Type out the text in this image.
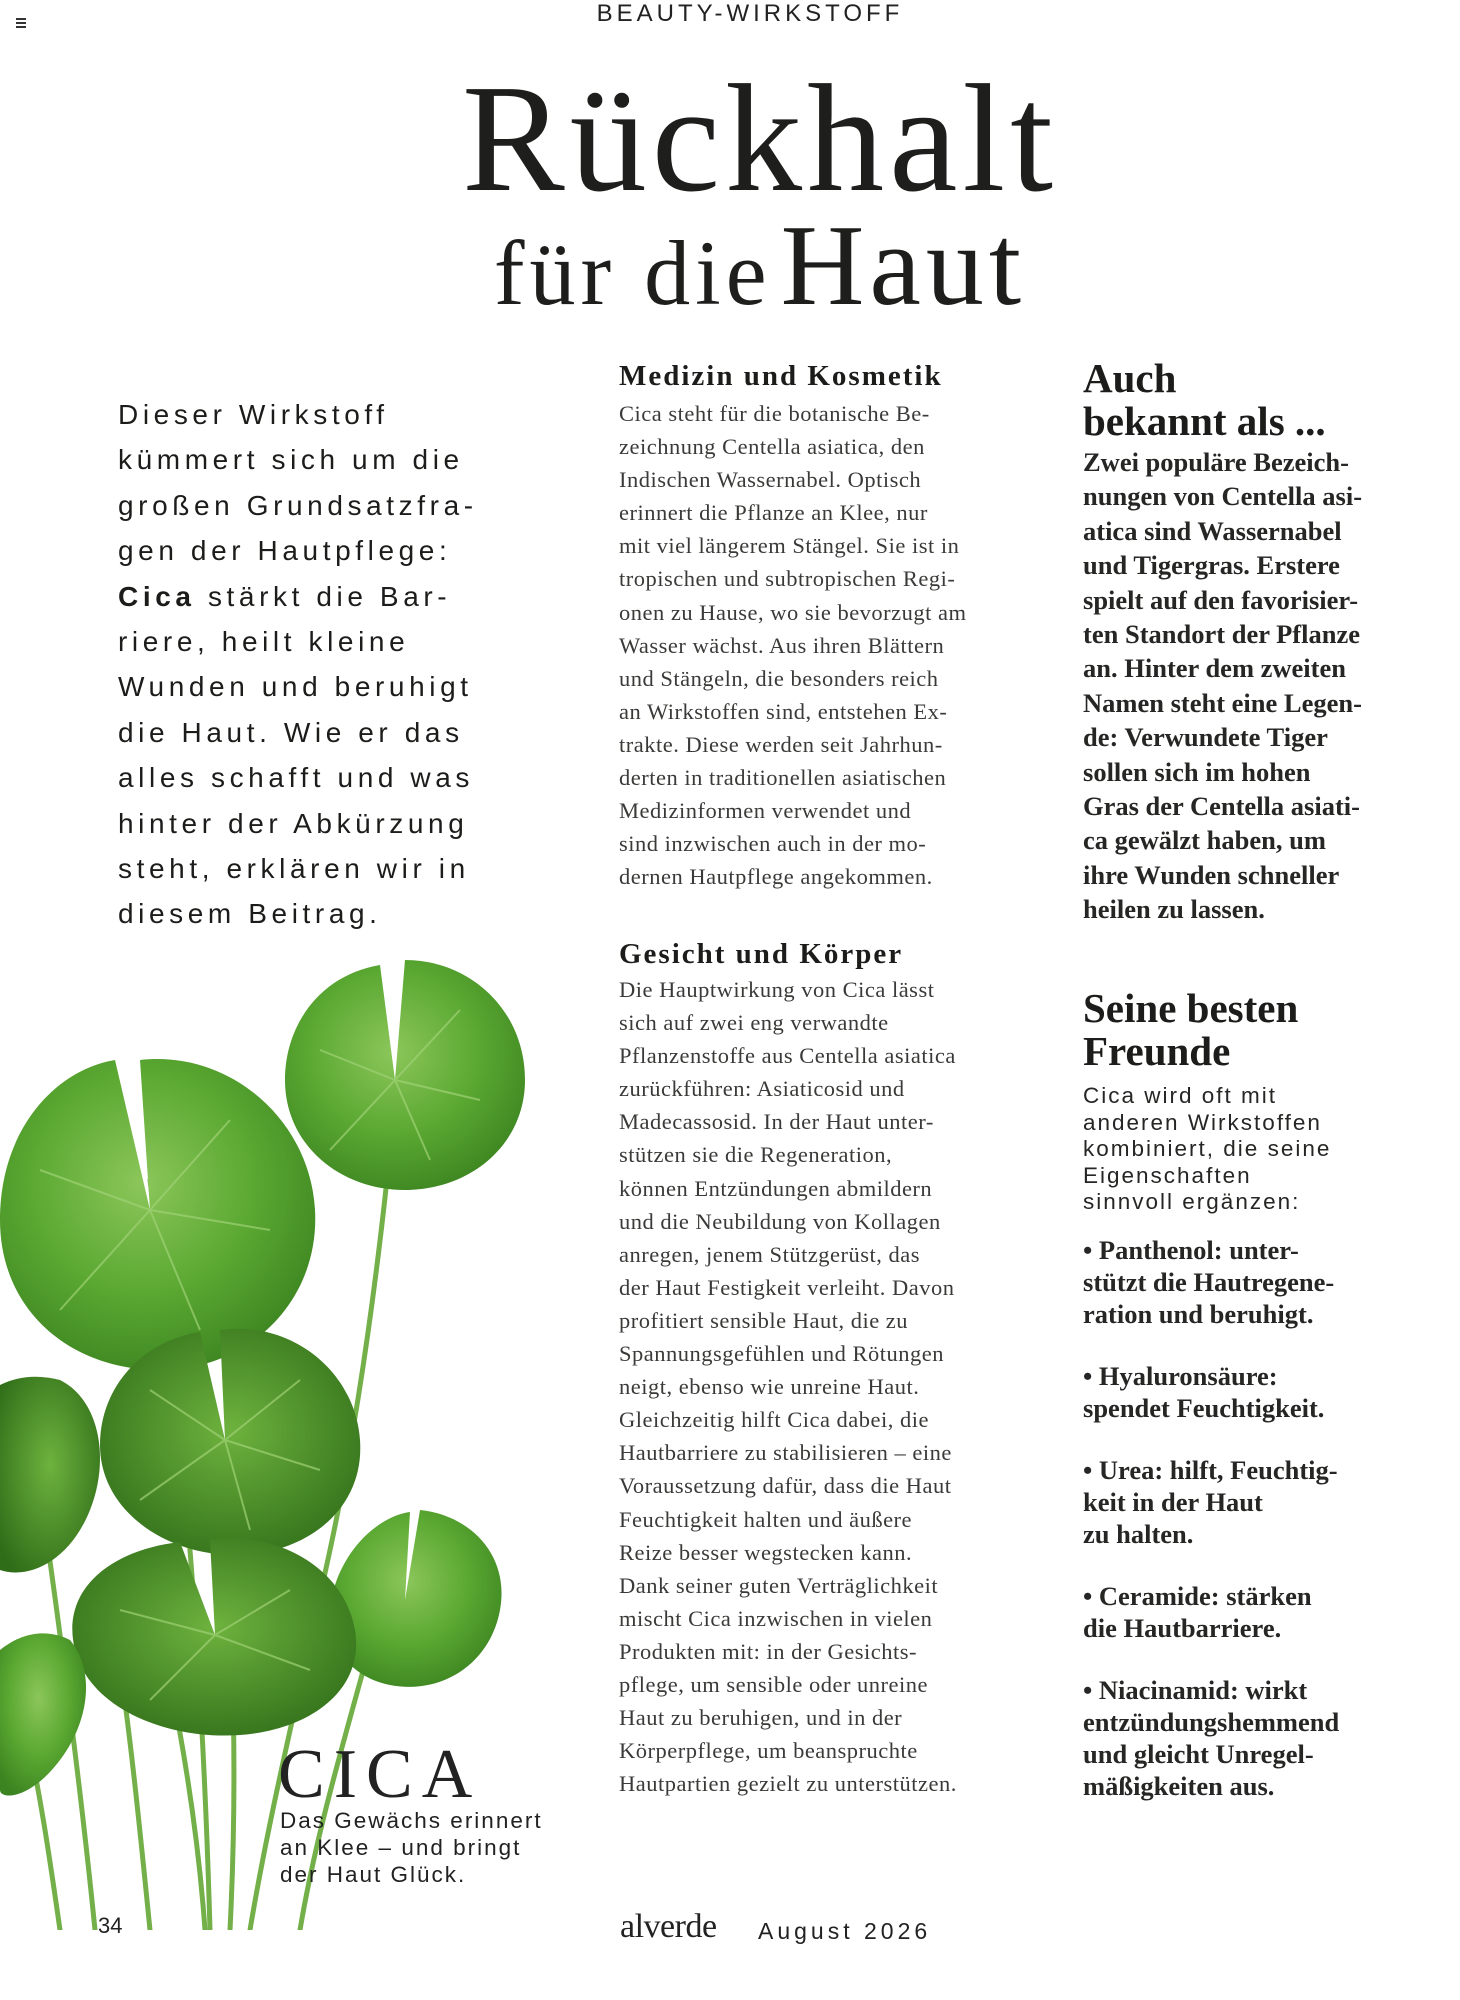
BEAUTY-WIRKSTOFF
Rückhalt
für die Haut

Dieser Wirkstoff

kümmert sich um die

großen Grundsatzfra-

gen der Hautpflege:

Cica stärkt die Bar-

riere, heilt kleine

Wunden und beruhigt

die Haut. Wie er das

alles schafft und was

hinter der Abkürzung

steht, erklären wir in

diesem Beitrag.

CICA

Das Gewächs erinnert

an Klee – und bringt

der Haut Glück.

Medizin und Kosmetik

Cica steht für die botanische Be-

zeichnung Centella asiatica, den

Indischen Wassernabel. Optisch

erinnert die Pflanze an Klee, nur

mit viel längerem Stängel. Sie ist in

tropischen und subtropischen Regi-

onen zu Hause, wo sie bevorzugt am

Wasser wächst. Aus ihren Blättern

und Stängeln, die besonders reich

an Wirkstoffen sind, entstehen Ex-

trakte. Diese werden seit Jahrhun-

derten in traditionellen asiatischen

Medizinformen verwendet und

sind inzwischen auch in der mo-

dernen Hautpflege angekommen.

Gesicht und Körper

Die Hauptwirkung von Cica lässt

sich auf zwei eng verwandte

Pflanzenstoffe aus Centella asiatica

zurückführen: Asiaticosid und

Madecassosid. In der Haut unter-

stützen sie die Regeneration,

können Entzündungen abmildern

und die Neubildung von Kollagen

anregen, jenem Stützgerüst, das

der Haut Festigkeit verleiht. Davon

profitiert sensible Haut, die zu

Spannungsgefühlen und Rötungen

neigt, ebenso wie unreine Haut.

Gleichzeitig hilft Cica dabei, die

Hautbarriere zu stabilisieren – eine

Voraussetzung dafür, dass die Haut

Feuchtigkeit halten und äußere

Reize besser wegstecken kann.

Dank seiner guten Verträglichkeit

mischt Cica inzwischen in vielen

Produkten mit: in der Gesichts-

pflege, um sensible oder unreine

Haut zu beruhigen, und in der

Körperpflege, um beanspruchte

Hautpartien gezielt zu unterstützen.

Auch
bekannt als ...

Zwei populäre Bezeich-

nungen von Centella asi-

atica sind Wassernabel

und Tigergras. Erstere

spielt auf den favorisier-

ten Standort der Pflanze

an. Hinter dem zweiten

Namen steht eine Legen-

de: Verwundete Tiger

sollen sich im hohen

Gras der Centella asiati-

ca gewälzt haben, um

ihre Wunden schneller

heilen zu lassen.

Seine besten
Freunde

Cica wird oft mit

anderen Wirkstoffen

kombiniert, die seine

Eigenschaften

sinnvoll ergänzen:

• Panthenol: unter-

stützt die Hautregene-

ration und beruhigt.

• Hyaluronsäure:

spendet Feuchtigkeit.

• Urea: hilft, Feuchtig-

keit in der Haut

zu halten.

• Ceramide: stärken

die Hautbarriere.

• Niacinamid: wirkt

entzündungshemmend

und gleicht Unregel-

mäßigkeiten aus.

34	alverde August 2026
